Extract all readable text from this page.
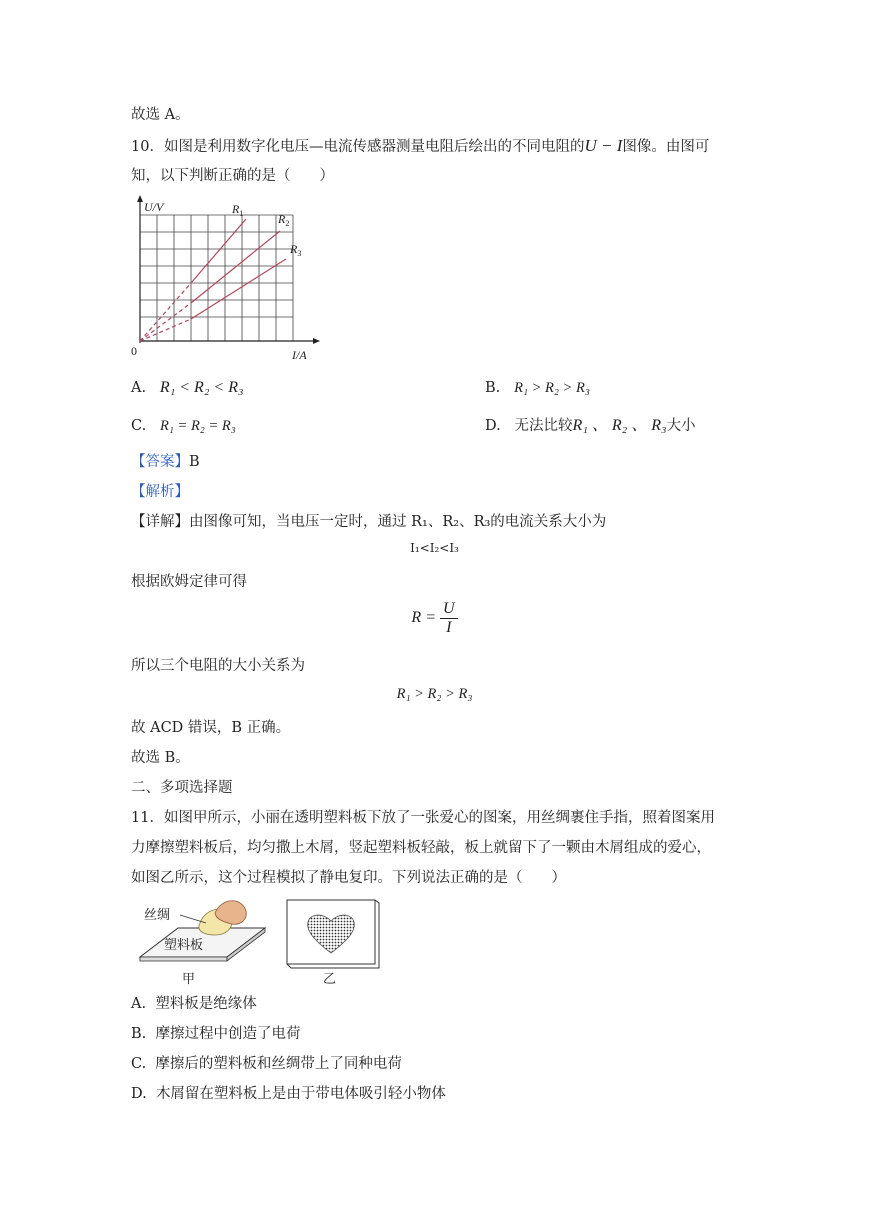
故选 A。
10．如图是利用数字化电压—电流传感器测量电阻后绘出的不同电阻的U − I图像。由图可
知，以下判断正确的是（　　）
U/V
I/A
0
$R_1$	$R_2$
$R_3$
A. R₁ < R₂ < R₃	B. R₁ > R₂ > R₃
C. R₁ = R₂ = R₃	D. 无法比较R₁ 、 R₂ 、 R₃大小
【答案】B
【解析】
【详解】由图像可知，当电压一定时，通过 R₁、R₂、R₃的电流关系大小为
I₁<I₂<I₃
根据欧姆定律可得
$R = \frac{U}{I}$
所以三个电阻的大小关系为
R₁ > R₂ > R₃
故 ACD 错误，B 正确。
故选 B。
二、多项选择题
11．如图甲所示，小丽在透明塑料板下放了一张爱心的图案，用丝绸裹住手指，照着图案用
力摩擦塑料板后，均匀撒上木屑，竖起塑料板轻敲，板上就留下了一颗由木屑组成的爱心，
如图乙所示，这个过程模拟了静电复印。下列说法正确的是（　　）
丝绸
塑料板
甲	乙
A. 塑料板是绝缘体
B. 摩擦过程中创造了电荷
C. 摩擦后的塑料板和丝绸带上了同种电荷
D. 木屑留在塑料板上是由于带电体吸引轻小物体
